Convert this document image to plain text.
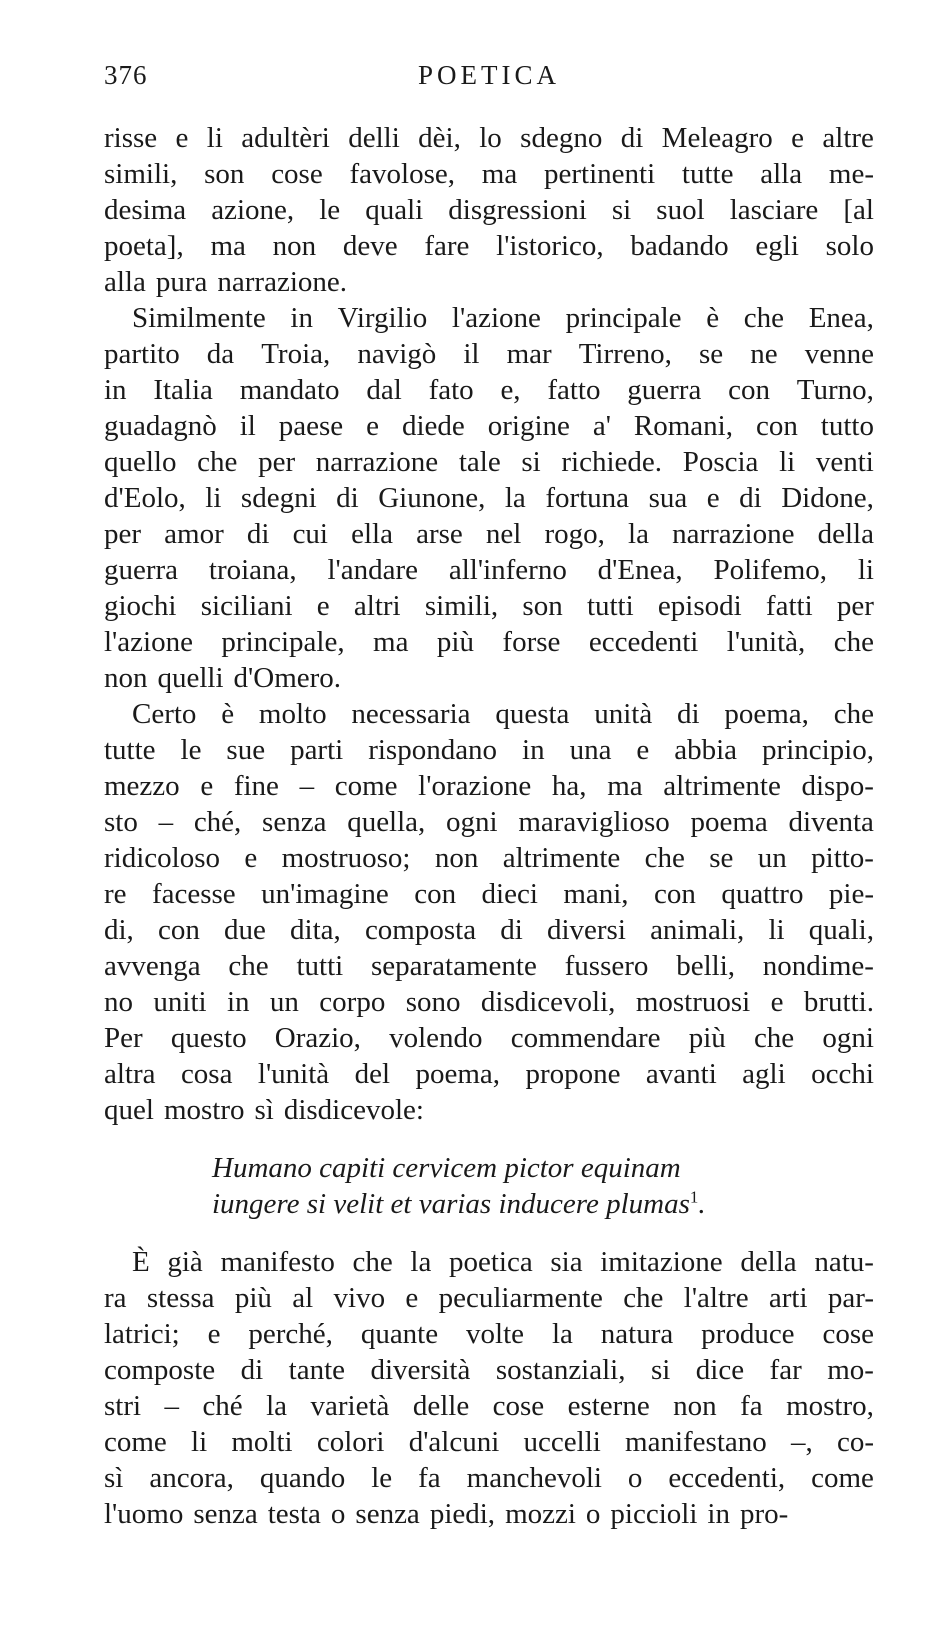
376	POETICA
risse e li adultèri delli dèi, lo sdegno di Meleagro e altre
simili, son cose favolose, ma pertinenti tutte alla me-
desima azione, le quali disgressioni si suol lasciare [al
poeta], ma non deve fare l'istorico, badando egli solo
alla pura narrazione.
Similmente in Virgilio l'azione principale è che Enea,
partito da Troia, navigò il mar Tirreno, se ne venne
in Italia mandato dal fato e, fatto guerra con Turno,
guadagnò il paese e diede origine a' Romani, con tutto
quello che per narrazione tale si richiede. Poscia li venti
d'Eolo, li sdegni di Giunone, la fortuna sua e di Didone,
per amor di cui ella arse nel rogo, la narrazione della
guerra troiana, l'andare all'inferno d'Enea, Polifemo, li
giochi siciliani e altri simili, son tutti episodi fatti per
l'azione principale, ma più forse eccedenti l'unità, che
non quelli d'Omero.
Certo è molto necessaria questa unità di poema, che
tutte le sue parti rispondano in una e abbia principio,
mezzo e fine – come l'orazione ha, ma altrimente dispo-
sto – ché, senza quella, ogni maraviglioso poema diventa
ridicoloso e mostruoso; non altrimente che se un pitto-
re facesse un'imagine con dieci mani, con quattro pie-
di, con due dita, composta di diversi animali, li quali,
avvenga che tutti separatamente fussero belli, nondime-
no uniti in un corpo sono disdicevoli, mostruosi e brutti.
Per questo Orazio, volendo commendare più che ogni
altra cosa l'unità del poema, propone avanti agli occhi
quel mostro sì disdicevole:
Humano capiti cervicem pictor equinam
iungere si velit et varias inducere plumas$^1$.
È già manifesto che la poetica sia imitazione della natu-
ra stessa più al vivo e peculiarmente che l'altre arti par-
latrici; e perché, quante volte la natura produce cose
composte di tante diversità sostanziali, si dice far mo-
stri – ché la varietà delle cose esterne non fa mostro,
come li molti colori d'alcuni uccelli manifestano –, co-
sì ancora, quando le fa manchevoli o eccedenti, come
l'uomo senza testa o senza piedi, mozzi o piccioli in pro-
